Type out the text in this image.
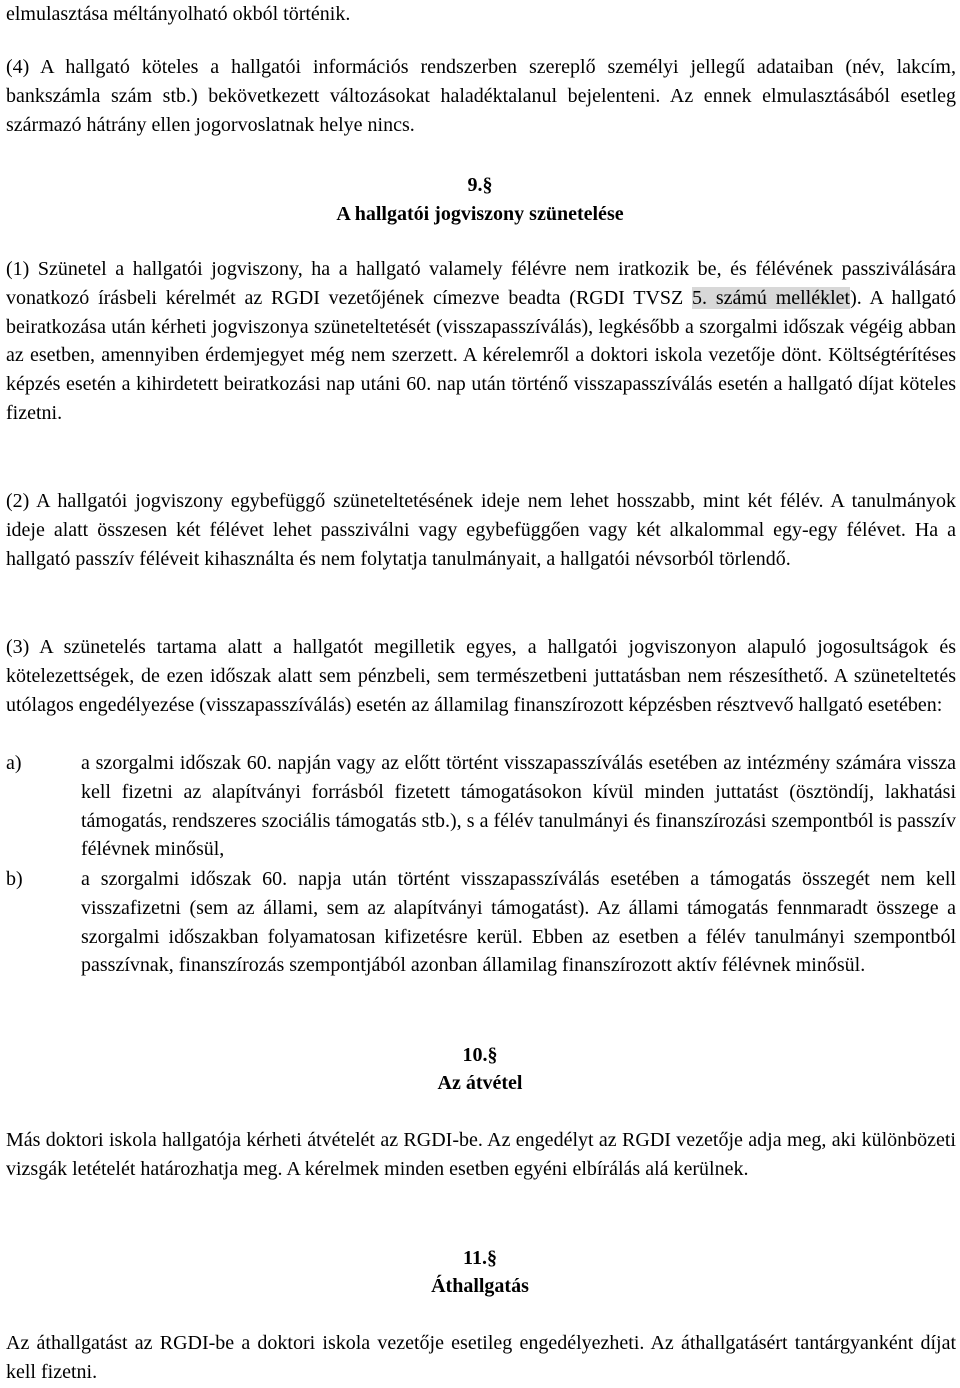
elmulasztása méltányolható okból történik.

(4) A hallgató köteles a hallgatói információs rendszerben szereplő személyi jellegű adataiban (név, lakcím, bankszámla szám stb.) bekövetkezett változásokat haladéktalanul bejelenteni. Az ennek elmulasztásából esetleg származó hátrány ellen jogorvoslatnak helye nincs.

9.§
A hallgatói jogviszony szünetelése

(1) Szünetel a hallgatói jogviszony, ha a hallgató valamely félévre nem iratkozik be, és félévének passziválására vonatkozó írásbeli kérelmét az RGDI vezetőjének címezve beadta (RGDI TVSZ 5. számú melléklet). A hallgató beiratkozása után kérheti jogviszonya szüneteltetését (visszapasszíválás), legkésőbb a szorgalmi időszak végéig abban az esetben, amennyiben érdemjegyet még nem szerzett. A kérelemről a doktori iskola vezetője dönt. Költségtérítéses képzés esetén a kihirdetett beiratkozási nap utáni 60. nap után történő visszapasszíválás esetén a hallgató díjat köteles fizetni.

(2) A hallgatói jogviszony egybefüggő szüneteltetésének ideje nem lehet hosszabb, mint két félév. A tanulmányok ideje alatt összesen két félévet lehet passziválni vagy egybefüggően vagy két alkalommal egy-egy félévet. Ha a hallgató passzív féléveit kihasználta és nem folytatja tanulmányait, a hallgatói névsorból törlendő.

(3) A szünetelés tartama alatt a hallgatót megilletik egyes, a hallgatói jogviszonyon alapuló jogosultságok és kötelezettségek, de ezen időszak alatt sem pénzbeli, sem természetbeni juttatásban nem részesíthető. A szüneteltetés utólagos engedélyezése (visszapasszíválás) esetén az államilag finanszírozott képzésben résztvevő hallgató esetében:

a)	a szorgalmi időszak 60. napján vagy az előtt történt visszapasszíválás esetében az intézmény számára vissza kell fizetni az alapítványi forrásból fizetett támogatásokon kívül minden juttatást (ösztöndíj, lakhatási támogatás, rendszeres szociális támogatás stb.), s a félév tanulmányi és finanszírozási szempontból is passzív félévnek minősül,
b)	a szorgalmi időszak 60. napja után történt visszapasszíválás esetében a támogatás összegét nem kell visszafizetni (sem az állami, sem az alapítványi támogatást). Az állami támogatás fennmaradt összege a szorgalmi időszakban folyamatosan kifizetésre kerül. Ebben az esetben a félév tanulmányi szempontból passzívnak, finanszírozás szempontjából azonban államilag finanszírozott aktív félévnek minősül.
10.§
Az átvétel

Más doktori iskola hallgatója kérheti átvételét az RGDI-be. Az engedélyt az RGDI vezetője adja meg, aki különbözeti vizsgák letételét határozhatja meg. A kérelmek minden esetben egyéni elbírálás alá kerülnek.

11.§
Áthallgatás

Az áthallgatást az RGDI-be a doktori iskola vezetője esetileg engedélyezheti. Az áthallgatásért tantárgyanként díjat kell fizetni.
